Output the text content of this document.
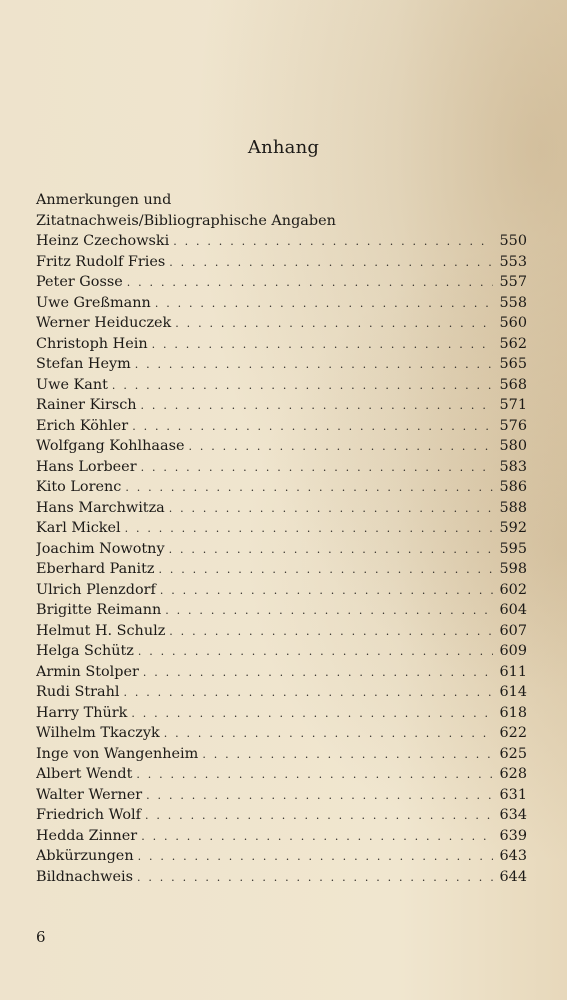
Anhang
Anmerkungen und
Zitatnachweis/Bibliographische Angaben
Heinz Czechowski . . .	550
Fritz Rudolf Fries . . .	553
Peter Gosse . . .	557
Uwe Greßmann . . .	558
Werner Heiduczek . . .	560
Christoph Hein . . .	562
Stefan Heym . . .	565
Uwe Kant . . .	568
Rainer Kirsch . . .	571
Erich Köhler . . .	576
Wolfgang Kohlhaase . . .	580
Hans Lorbeer . . .	583
Kito Lorenc . . .	586
Hans Marchwitza . . .	588
Karl Mickel . . .	592
Joachim Nowotny . . .	595
Eberhard Panitz . . .	598
Ulrich Plenzdorf . . .	602
Brigitte Reimann . . .	604
Helmut H. Schulz . . .	607
Helga Schütz . . .	609
Armin Stolper . . .	611
Rudi Strahl . . .	614
Harry Thürk . . .	618
Wilhelm Tkaczyk . . .	622
Inge von Wangenheim . . .	625
Albert Wendt . . .	628
Walter Werner . . .	631
Friedrich Wolf . . .	634
Hedda Zinner . . .	639
Abkürzungen . . .	643
Bildnachweis . . .	644
6
